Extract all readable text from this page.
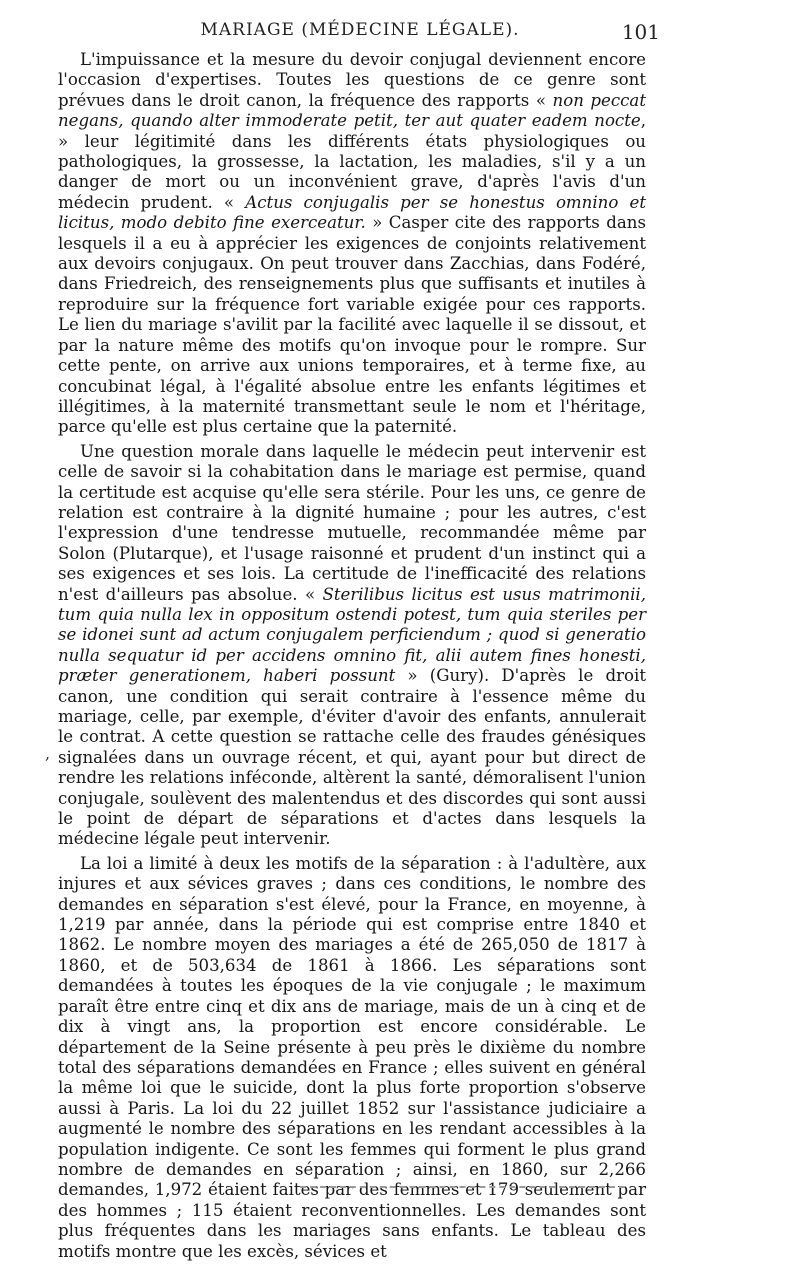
MARIAGE (MÉDECINE LÉGALE).	101
,

L'impuissance et la mesure du devoir conjugal deviennent encore l'occasion d'expertises. Toutes les questions de ce genre sont prévues dans le droit canon, la fréquence des rapports « non peccat negans, quando alter immoderate petit, ter aut quater eadem nocte, » leur légitimité dans les différents états physiologiques ou pathologiques, la grossesse, la lactation, les maladies, s'il y a un danger de mort ou un inconvénient grave, d'après l'avis d'un médecin prudent. « Actus conjugalis per se honestus omnino et licitus, modo debito fine exerceatur. » Casper cite des rapports dans lesquels il a eu à apprécier les exigences de conjoints relativement aux devoirs conjugaux. On peut trouver dans Zacchias, dans Fodéré, dans Friedreich, des renseignements plus que suffisants et inutiles à reproduire sur la fréquence fort variable exigée pour ces rapports. Le lien du mariage s'avilit par la facilité avec laquelle il se dissout, et par la nature même des motifs qu'on invoque pour le rompre. Sur cette pente, on arrive aux unions temporaires, et à terme fixe, au concubinat légal, à l'égalité absolue entre les enfants légitimes et illégitimes, à la maternité transmettant seule le nom et l'héritage, parce qu'elle est plus certaine que la paternité.

Une question morale dans laquelle le médecin peut intervenir est celle de savoir si la cohabitation dans le mariage est permise, quand la certitude est acquise qu'elle sera stérile. Pour les uns, ce genre de relation est contraire à la dignité humaine ; pour les autres, c'est l'expression d'une tendresse mutuelle, recommandée même par Solon (Plutarque), et l'usage raisonné et prudent d'un instinct qui a ses exigences et ses lois. La certitude de l'inefficacité des relations n'est d'ailleurs pas absolue. « Sterilibus licitus est usus matrimonii, tum quia nulla lex in oppositum ostendi potest, tum quia steriles per se idonei sunt ad actum conjugalem perficiendum ; quod si generatio nulla sequatur id per accidens omnino fit, alii autem fines honesti, præter generationem, haberi possunt » (Gury). D'après le droit canon, une condition qui serait contraire à l'essence même du mariage, celle, par exemple, d'éviter d'avoir des enfants, annulerait le contrat. A cette question se rattache celle des fraudes génésiques signalées dans un ouvrage récent, et qui, ayant pour but direct de rendre les relations inféconde, altèrent la santé, démoralisent l'union conjugale, soulèvent des malentendus et des discordes qui sont aussi le point de départ de séparations et d'actes dans lesquels la médecine légale peut intervenir.

La loi a limité à deux les motifs de la séparation : à l'adultère, aux injures et aux sévices graves ; dans ces conditions, le nombre des demandes en séparation s'est élevé, pour la France, en moyenne, à 1,219 par année, dans la période qui est comprise entre 1840 et 1862. Le nombre moyen des mariages a été de 265,050 de 1817 à 1860, et de 503,634 de 1861 à 1866. Les séparations sont demandées à toutes les époques de la vie conjugale ; le maximum paraît être entre cinq et dix ans de mariage, mais de un à cinq et de dix à vingt ans, la proportion est encore considérable. Le département de la Seine présente à peu près le dixième du nombre total des séparations demandées en France ; elles suivent en général la même loi que le suicide, dont la plus forte proportion s'observe aussi à Paris. La loi du 22 juillet 1852 sur l'assistance judiciaire a augmenté le nombre des séparations en les rendant accessibles à la population indigente. Ce sont les femmes qui forment le plus grand nombre de demandes en séparation ; ainsi, en 1860, sur 2,266 demandes, 1,972 étaient faites par des femmes et 179 seulement par des hommes ; 115 étaient reconventionnelles. Les demandes sont plus fréquentes dans les mariages sans enfants. Le tableau des motifs montre que les excès, sévices et
